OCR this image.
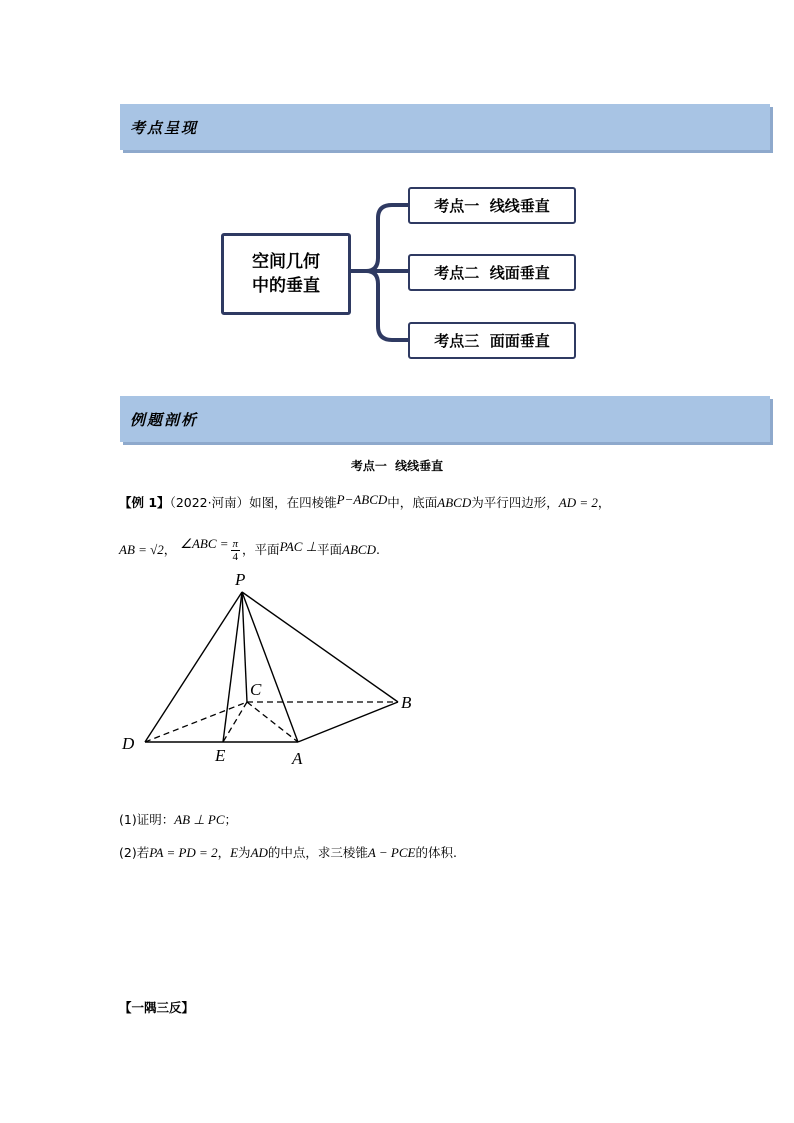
考点呈现
空间几何
中的垂直
考点一  线线垂直
考点二  线面垂直
考点三  面面垂直
例题剖析
考点一  线线垂直
【例 1】（2022·河南）如图，在四棱锥P−ABCD中，底面ABCD为平行四边形，AD = 2，
AB = √2， ∠ABC = $\frac{\pi}{4}$ ，平面PAC ⊥平面ABCD.
P
C
B
D
E	A
(1)证明：AB ⊥ PC；
(2)若PA = PD = 2，E为AD的中点，求三棱锥A − PCE的体积.
【一隅三反】
